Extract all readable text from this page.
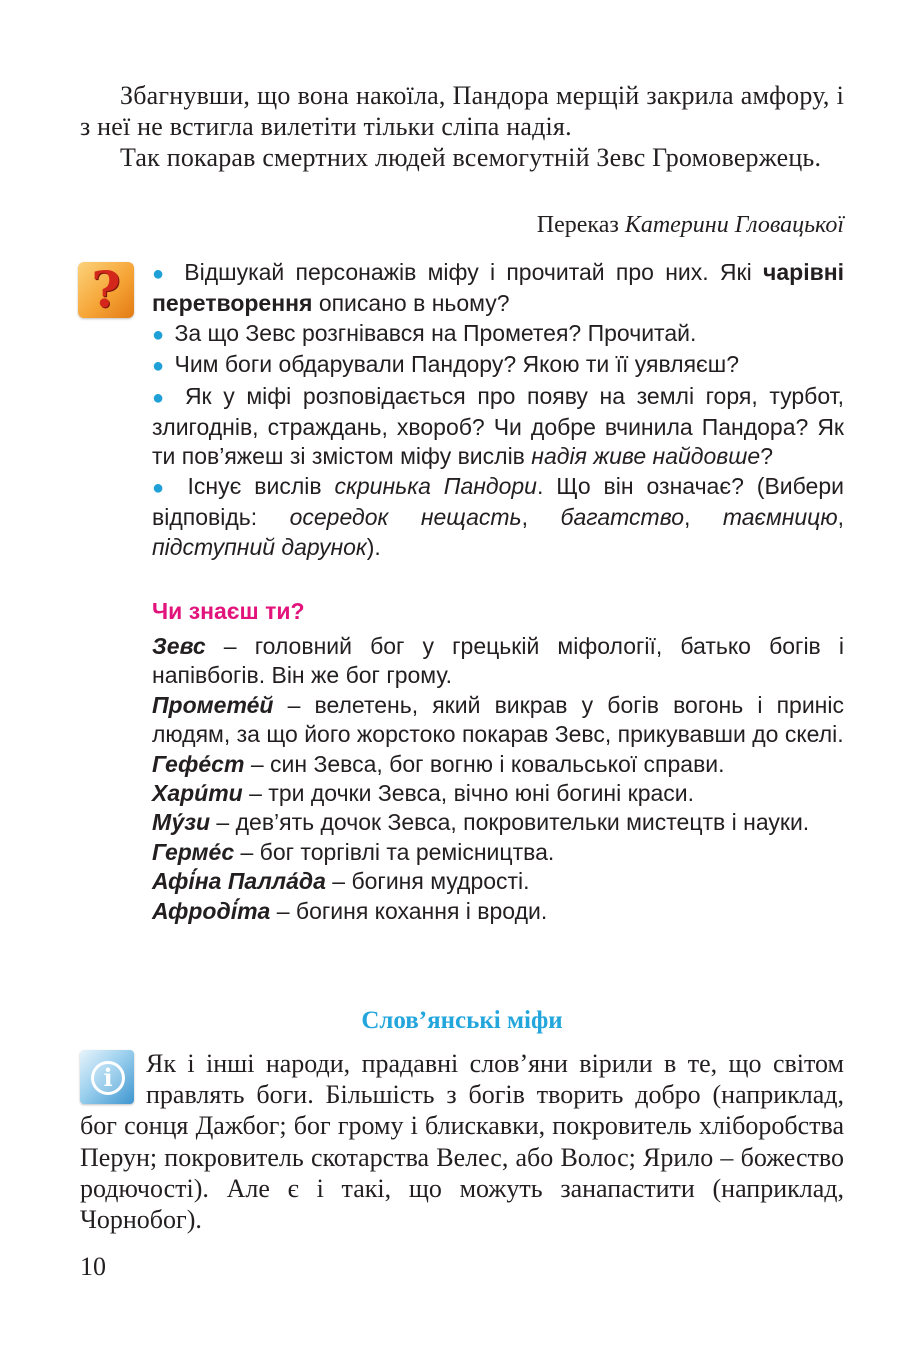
Збагнувши, що вона накоїла, Пандора мерщій закрила амфору, і з неї не встигла вилетіти тільки сліпа надія.

Так покарав смертних людей всемогутній Зевс Громовержець.

Переказ Катерини Гловацької
?	● Відшукай персонажів міфу і прочитай про них. Які чарівні перетворення описано в ньому?

● За що Зевс розгнівався на Прометея? Прочитай.

● Чим боги обдарували Пандору? Якою ти її уявляєш?

● Як у міфі розповідається про появу на землі горя, турбот, злигоднів, страждань, хвороб? Чи добре вчинила Пандора? Як ти пов’яжеш зі змістом міфу вислів надія живе найдовше?

● Існує вислів скринька Пандори. Що він означає? (Вибери відповідь: осередок нещасть, багатство, таємницю, підступний дарунок).

Чи знаєш ти?

Зевс – головний бог у грецькій міфології, батько богів і напівбогів. Він же бог грому.

Промете́й – велетень, який викрав у богів вогонь і приніс людям, за що його жорстоко покарав Зевс, прикувавши до скелі.

Гефе́ст – син Зевса, бог вогню і ковальської справи.

Хари́ти – три дочки Зевса, вічно юні богині краси.

Му́зи – дев’ять дочок Зевса, покровительки мистецтв і науки.

Герме́с – бог торгівлі та ремісництва.

Афі́на Палла́да – богиня мудрості.

Афроді́та – богиня кохання і вроди.

Слов’янські міфи
i	Як і інші народи, прадавні слов’яни вірили в те, що світом правлять боги. Більшість з богів творить добро (наприклад, бог сонця Дажбог; бог грому і блискавки, покровитель хліборобства Перун; покровитель скотарства Велес, або Волос; Ярило – божество родючості). Але є і такі, що можуть занапастити (наприклад, Чорнобог).

10
